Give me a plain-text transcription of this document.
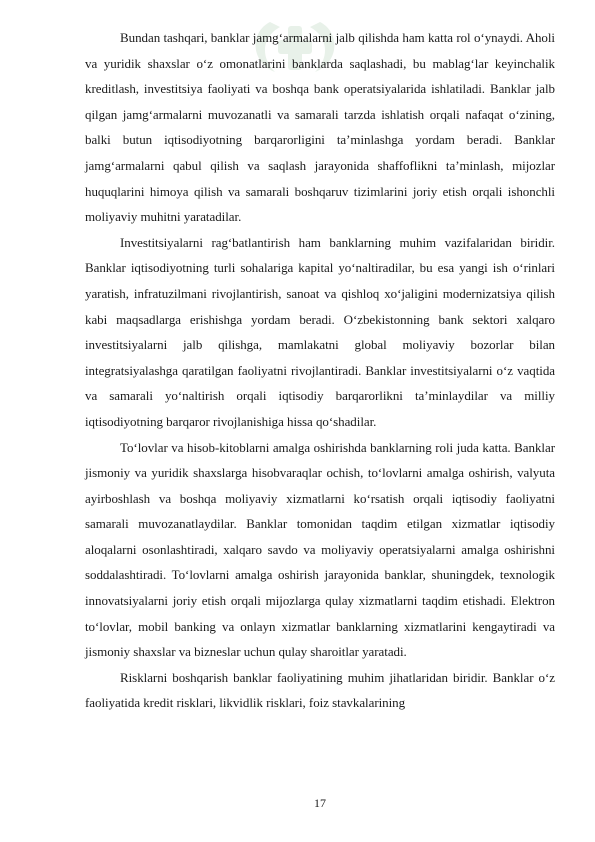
Bundan tashqari, banklar jamg‘armalarni jalb qilishda ham katta rol o‘ynaydi. Aholi va yuridik shaxslar o‘z omonatlarini banklarda saqlashadi, bu mablag‘lar keyinchalik kreditlash, investitsiya faoliyati va boshqa bank operatsiyalarida ishlatiladi. Banklar jalb qilgan jamg‘armalarni muvozanatli va samarali tarzda ishlatish orqali nafaqat o‘zining, balki butun iqtisodiyotning barqarorligini ta’minlashga yordam beradi. Banklar jamg‘armalarni qabul qilish va saqlash jarayonida shaffoflikni ta’minlash, mijozlar huquqlarini himoya qilish va samarali boshqaruv tizimlarini joriy etish orqali ishonchli moliyaviy muhitni yaratadilar.

Investitsiyalarni rag‘batlantirish ham banklarning muhim vazifalaridan biridir. Banklar iqtisodiyotning turli sohalariga kapital yo‘naltiradilar, bu esa yangi ish o‘rinlari yaratish, infratuzilmani rivojlantirish, sanoat va qishloq xo‘jaligini modernizatsiya qilish kabi maqsadlarga erishishga yordam beradi. O‘zbekistonning bank sektori xalqaro investitsiyalarni jalb qilishga, mamlakatni global moliyaviy bozorlar bilan integratsiyalashga qaratilgan faoliyatni rivojlantiradi. Banklar investitsiyalarni o‘z vaqtida va samarali yo‘naltirish orqali iqtisodiy barqarorlikni ta’minlaydilar va milliy iqtisodiyotning barqaror rivojlanishiga hissa qo‘shadilar.

To‘lovlar va hisob-kitoblarni amalga oshirishda banklarning roli juda katta. Banklar jismoniy va yuridik shaxslarga hisobvaraqlar ochish, to‘lovlarni amalga oshirish, valyuta ayirboshlash va boshqa moliyaviy xizmatlarni ko‘rsatish orqali iqtisodiy faoliyatni samarali muvozanatlaydilar. Banklar tomonidan taqdim etilgan xizmatlar iqtisodiy aloqalarni osonlashtiradi, xalqaro savdo va moliyaviy operatsiyalarni amalga oshirishni soddalashtiradi. To‘lovlarni amalga oshirish jarayonida banklar, shuningdek, texnologik innovatsiyalarni joriy etish orqali mijozlarga qulay xizmatlarni taqdim etishadi. Elektron to‘lovlar, mobil banking va onlayn xizmatlar banklarning xizmatlarini kengaytiradi va jismoniy shaxslar va bizneslar uchun qulay sharoitlar yaratadi.

Risklarni boshqarish banklar faoliyatining muhim jihatlaridan biridir. Banklar o‘z faoliyatida kredit risklari, likvidlik risklari, foiz stavkalarining

17
